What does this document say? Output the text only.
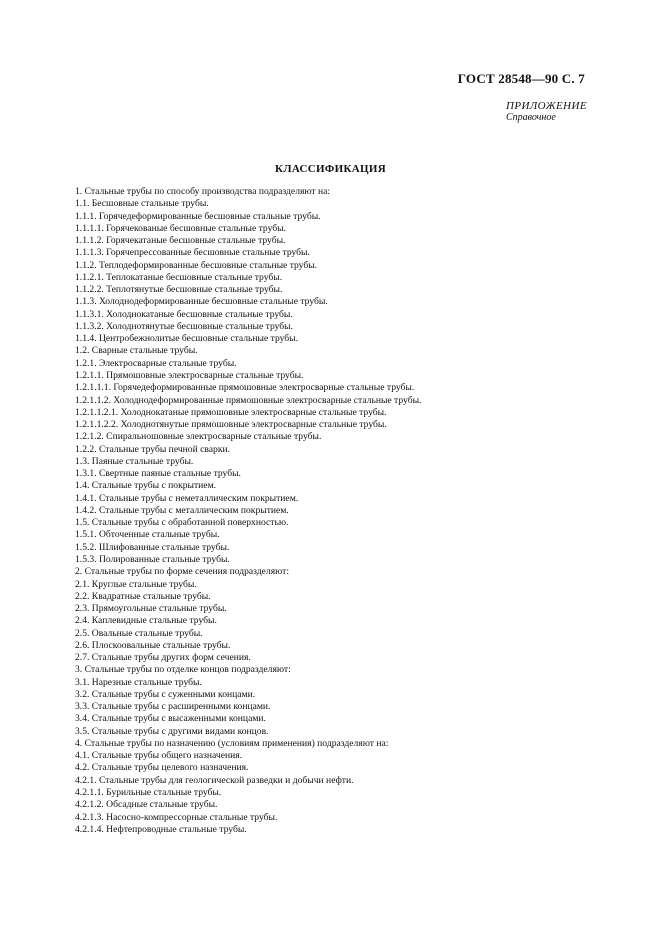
ГОСТ 28548—90 С. 7
ПРИЛОЖЕНИЕ
Справочное
КЛАССИФИКАЦИЯ
1. Стальные трубы по способу производства подразделяют на:
1.1. Бесшовные стальные трубы.
1.1.1. Горячедеформированные бесшовные стальные трубы.
1.1.1.1. Горячекованые бесшовные стальные трубы.
1.1.1.2. Горячекатаные бесшовные стальные трубы.
1.1.1.3. Горячепрессованные бесшовные стальные трубы.
1.1.2. Теплодеформированные бесшовные стальные трубы.
1.1.2.1. Теплокатаные бесшовные стальные трубы.
1.1.2.2. Теплотянутые бесшовные стальные трубы.
1.1.3. Холоднодеформированные бесшовные стальные трубы.
1.1.3.1. Холоднокатаные бесшовные стальные трубы.
1.1.3.2. Холоднотянутые бесшовные стальные трубы.
1.1.4. Центробежнолитые бесшовные стальные трубы.
1.2. Сварные стальные трубы.
1.2.1. Электросварные стальные трубы.
1.2.1.1. Прямошовные электросварные стальные трубы.
1.2.1.1.1. Горячедеформированные прямошовные электросварные стальные трубы.
1.2.1.1.2. Холоднодеформированные прямошовные электросварные стальные трубы.
1.2.1.1.2.1. Холоднокатаные прямошовные электросварные стальные трубы.
1.2.1.1.2.2. Холоднотянутые прямошовные электросварные стальные трубы.
1.2.1.2. Спиральношовные электросварные стальные трубы.
1.2.2. Стальные трубы печной сварки.
1.3. Паяные стальные трубы.
1.3.1. Свертные паяные стальные трубы.
1.4. Стальные трубы с покрытием.
1.4.1. Стальные трубы с неметаллическим покрытием.
1.4.2. Стальные трубы с металлическим покрытием.
1.5. Стальные трубы с обработанной поверхностью.
1.5.1. Обточенные стальные трубы.
1.5.2. Шлифованные стальные трубы.
1.5.3. Полированные стальные трубы.
2. Стальные трубы по форме сечения подразделяют:
2.1. Круглые стальные трубы.
2.2. Квадратные стальные трубы.
2.3. Прямоугольные стальные трубы.
2.4. Каплевидные стальные трубы.
2.5. Овальные стальные трубы.
2.6. Плоскоовальные стальные трубы.
2.7. Стальные трубы других форм сечения.
3. Стальные трубы по отделке концов подразделяют:
3.1. Нарезные стальные трубы.
3.2. Стальные трубы с суженными концами.
3.3. Стальные трубы с расширенными концами.
3.4. Стальные трубы с высаженными концами.
3.5. Стальные трубы с другими видами концов.
4. Стальные трубы по назначению (условиям применения) подразделяют на:
4.1. Стальные трубы общего назначения.
4.2. Стальные трубы целевого назначения.
4.2.1. Стальные трубы для геологической разведки и добычи нефти.
4.2.1.1. Бурильные стальные трубы.
4.2.1.2. Обсадные стальные трубы.
4.2.1.3. Насосно-компрессорные стальные трубы.
4.2.1.4. Нефтепроводные стальные трубы.
